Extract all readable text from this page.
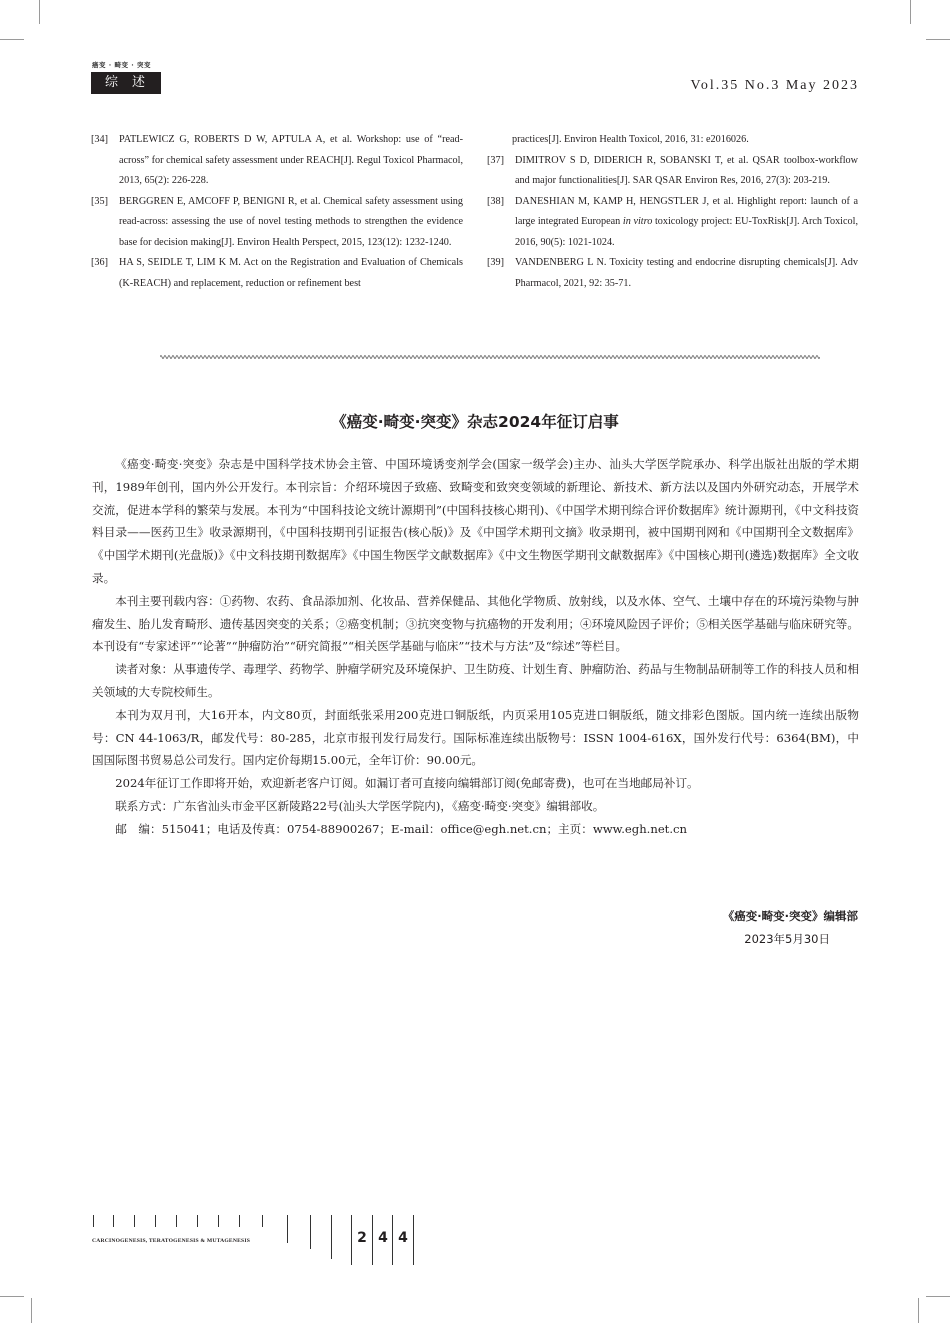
癌变 · 畸变 · 突变
综述	Vol.35 No.3 May 2023
[34]	PATLEWICZ G, ROBERTS D W, APTULA A, et al. Workshop: use of “read-across” for chemical safety assessment under REACH[J]. Regul Toxicol Pharmacol, 2013, 65(2): 226-228.
[35]	BERGGREN E, AMCOFF P, BENIGNI R, et al. Chemical safety assessment using read-across: assessing the use of novel testing methods to strengthen the evidence base for decision making[J]. Environ Health Perspect, 2015, 123(12): 1232-1240.
[36]	HA S, SEIDLE T, LIM K M. Act on the Registration and Evaluation of Chemicals (K-REACH) and replacement, reduction or refinement best
practices[J]. Environ Health Toxicol, 2016, 31: e2016026.
[37]	DIMITROV S D, DIDERICH R, SOBANSKI T, et al. QSAR toolbox-workflow and major functionalities[J]. SAR QSAR Environ Res, 2016, 27(3): 203-219.
[38]	DANESHIAN M, KAMP H, HENGSTLER J, et al. Highlight report: launch of a large integrated European in vitro toxicology project: EU-ToxRisk[J]. Arch Toxicol, 2016, 90(5): 1021-1024.
[39]	VANDENBERG L N. Toxicity testing and endocrine disrupting chemicals[J]. Adv Pharmacol, 2021, 92: 35-71.
《癌变·畸变·突变》杂志2024年征订启事

《癌变·畸变·突变》杂志是中国科学技术协会主管、中国环境诱变剂学会(国家一级学会)主办、汕头大学医学院承办、科学出版社出版的学术期刊，1989年创刊，国内外公开发行。本刊宗旨：介绍环境因子致癌、致畸变和致突变领域的新理论、新技术、新方法以及国内外研究动态，开展学术交流，促进本学科的繁荣与发展。本刊为“中国科技论文统计源期刊”(中国科技核心期刊)、《中国学术期刊综合评价数据库》统计源期刊，《中文科技资料目录——医药卫生》收录源期刊，《中国科技期刊引证报告(核心版)》及《中国学术期刊文摘》收录期刊，被中国期刊网和《中国期刊全文数据库》《中国学术期刊(光盘版)》《中文科技期刊数据库》《中国生物医学文献数据库》《中文生物医学期刊文献数据库》《中国核心期刊(遴选)数据库》全文收录。

本刊主要刊载内容：①药物、农药、食品添加剂、化妆品、营养保健品、其他化学物质、放射线，以及水体、空气、土壤中存在的环境污染物与肿瘤发生、胎儿发育畸形、遗传基因突变的关系；②癌变机制；③抗突变物与抗癌物的开发利用；④环境风险因子评价；⑤相关医学基础与临床研究等。本刊设有“专家述评”“论著”“肿瘤防治”“研究简报”“相关医学基础与临床”“技术与方法”及“综述”等栏目。

读者对象：从事遗传学、毒理学、药物学、肿瘤学研究及环境保护、卫生防疫、计划生育、肿瘤防治、药品与生物制品研制等工作的科技人员和相关领域的大专院校师生。

本刊为双月刊，大16开本，内文80页，封面纸张采用200克进口铜版纸，内页采用105克进口铜版纸，随文排彩色图版。国内统一连续出版物号：CN 44-1063/R，邮发代号：80-285，北京市报刊发行局发行。国际标准连续出版物号：ISSN 1004-616X，国外发行代号：6364(BM)，中国国际图书贸易总公司发行。国内定价每期15.00元，全年订价：90.00元。

2024年征订工作即将开始，欢迎新老客户订阅。如漏订者可直接向编辑部订阅(免邮寄费)，也可在当地邮局补订。

联系方式：广东省汕头市金平区新陵路22号(汕头大学医学院内)，《癌变·畸变·突变》编辑部收。

邮　编：515041；电话及传真：0754-88900267；E-mail：office@egh.net.cn；主页：www.egh.net.cn

《癌变·畸变·突变》编辑部
2023年5月30日
CARCINOGENESIS, TERATOGENESIS & MUTAGENESIS	2 4 4
